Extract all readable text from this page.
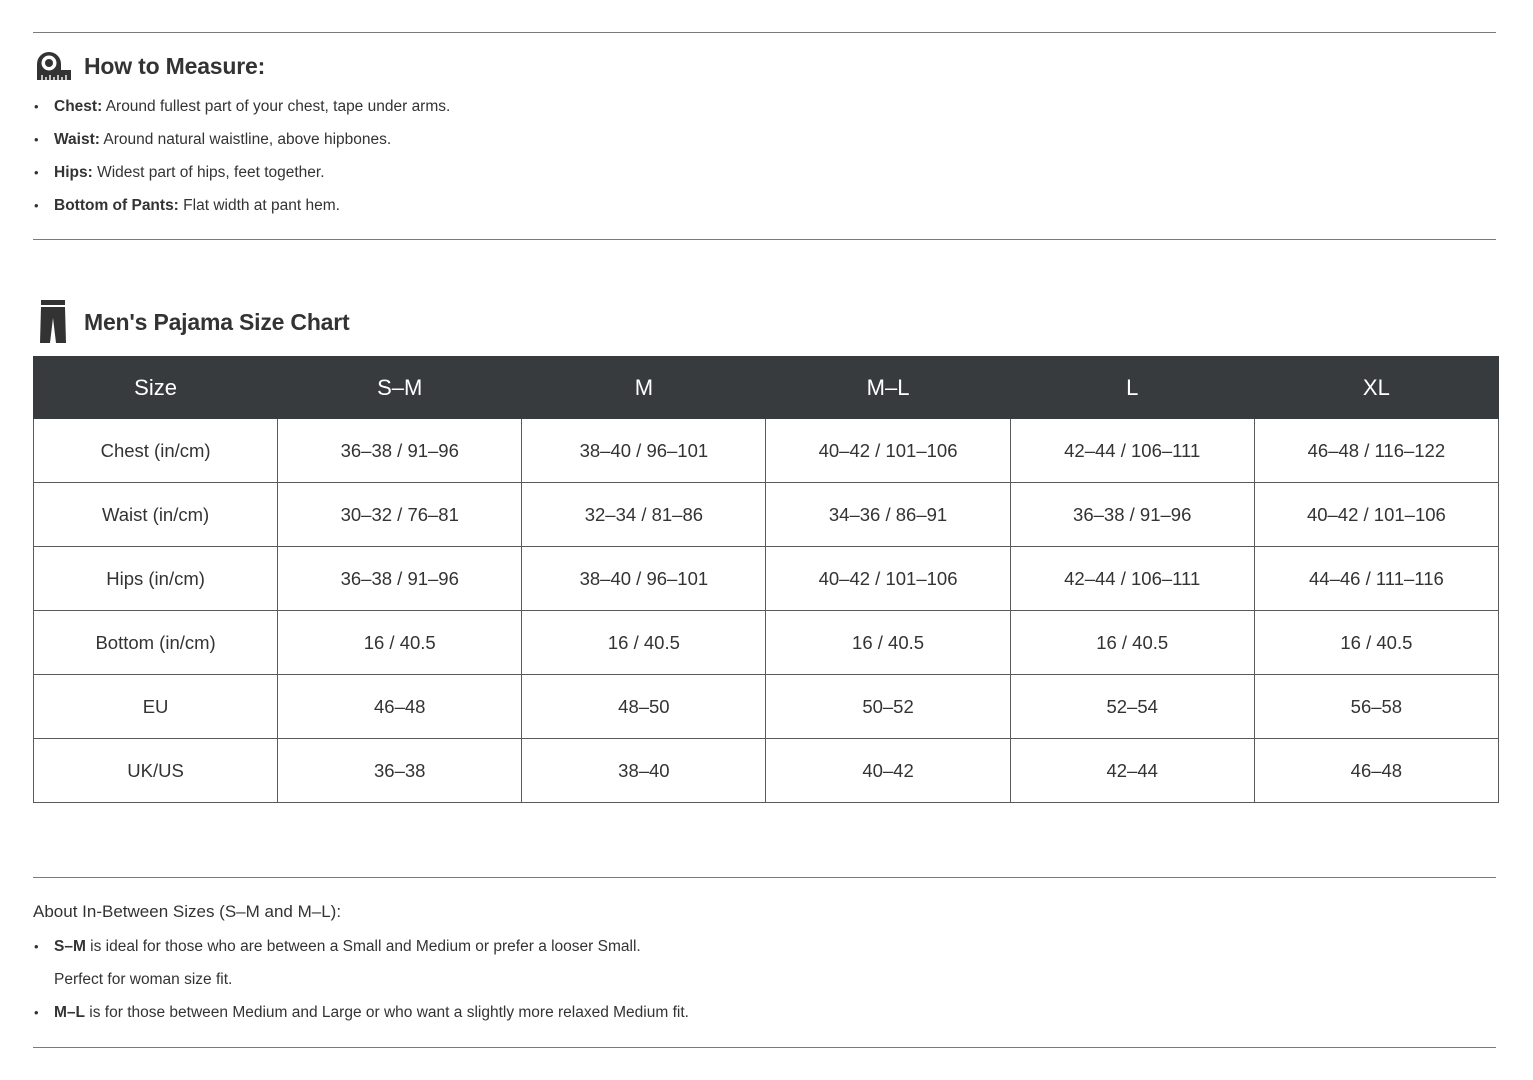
How to Measure:
• Chest: Around fullest part of your chest, tape under arms.
• Waist: Around natural waistline, above hipbones.
• Hips: Widest part of hips, feet together.
• Bottom of Pants: Flat width at pant hem.
Men's Pajama Size Chart
Size	S–M	M	M–L	L	XL
Chest (in/cm)	36–38 / 91–96	38–40 / 96–101	40–42 / 101–106	42–44 / 106–111	46–48 / 116–122
Waist (in/cm)	30–32 / 76–81	32–34 / 81–86	34–36 / 86–91	36–38 / 91–96	40–42 / 101–106
Hips (in/cm)	36–38 / 91–96	38–40 / 96–101	40–42 / 101–106	42–44 / 106–111	44–46 / 111–116
Bottom (in/cm)	16 / 40.5	16 / 40.5	16 / 40.5	16 / 40.5	16 / 40.5
EU	46–48	48–50	50–52	52–54	56–58
UK/US	36–38	38–40	40–42	42–44	46–48
About In-Between Sizes (S–M and M–L):
• S–M is ideal for those who are between a Small and Medium or prefer a looser Small.
Perfect for woman size fit.
• M–L is for those between Medium and Large or who want a slightly more relaxed Medium fit.
